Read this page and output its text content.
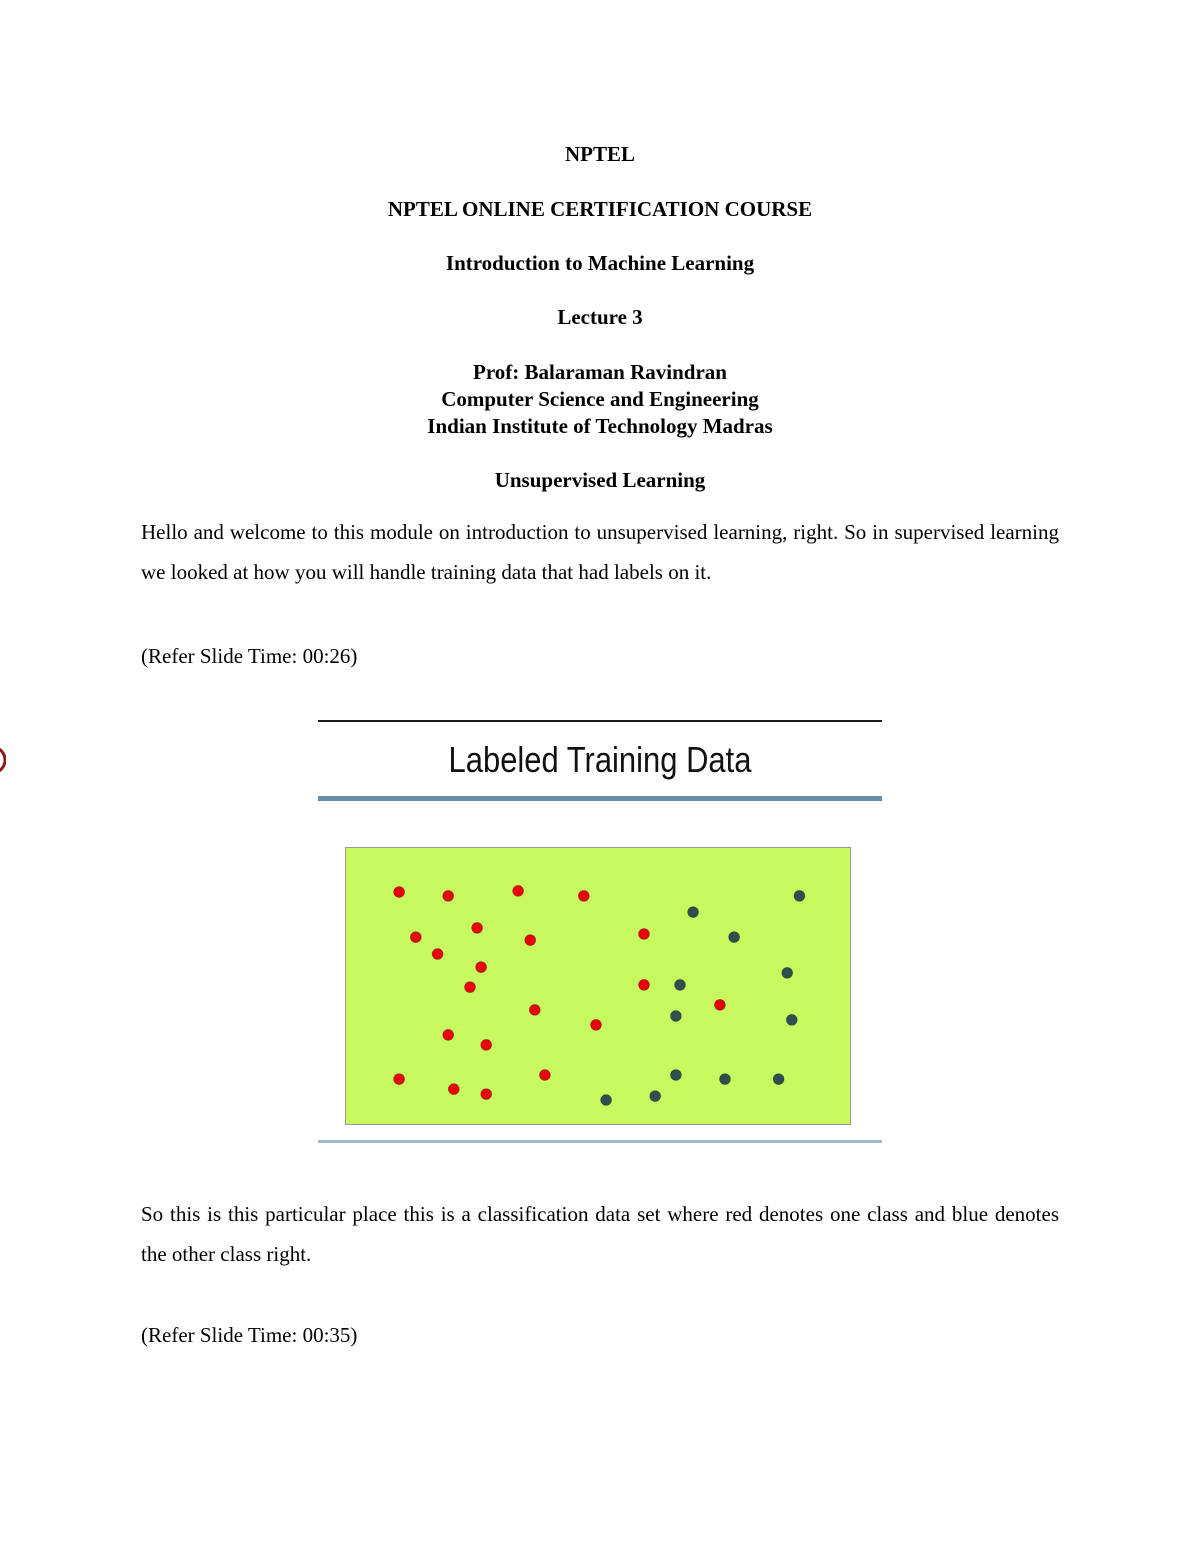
NPTEL
NPTEL ONLINE CERTIFICATION COURSE
Introduction to Machine Learning
Lecture 3
Prof: Balaraman Ravindran
Computer Science and Engineering
Indian Institute of Technology Madras
Unsupervised Learning
Hello and welcome to this module on introduction to unsupervised learning, right. So in supervised learning we looked at how you will handle training data that had labels on it.
(Refer Slide Time: 00:26)
Labeled Training Data
So this is this particular place this is a classification data set where red denotes one class and blue denotes the other class right.
(Refer Slide Time: 00:35)
